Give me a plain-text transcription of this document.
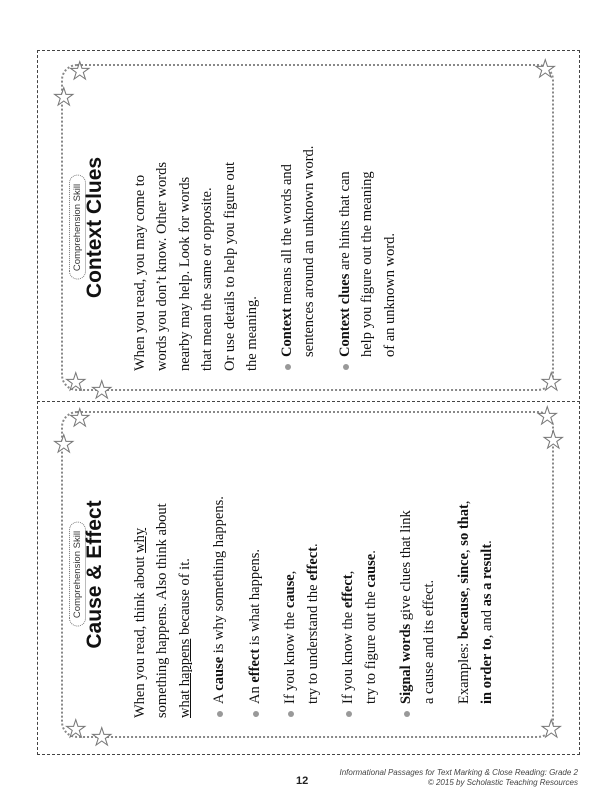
★
★
★
★ ★	★
Comprehension Skill Context Clues When you read, you may come to words you don’t know. Other words nearby may help. Look for words that mean the same or opposite. Or use details to help you figure out the meaning. Context means all the words and sentences around an unknown word. Context clues are hints that can help you figure out the meaning of an unknown word.
★
★
★
★
★ ★	★
Comprehension Skill Cause & Effect When you read, think about why something happens. Also think about what happens because of it.

A cause is why something happens.
An effect is what happens.
If you know the cause,
try to understand the effect.
If you know the effect,
try to figure out the cause.
Signal words give clues that link
a cause and its effect. Examples: because, since, so that,
in order to, and as a result.
12
Informational Passages for Text Marking & Close Reading: Grade 2
© 2015 by Scholastic Teaching Resources
